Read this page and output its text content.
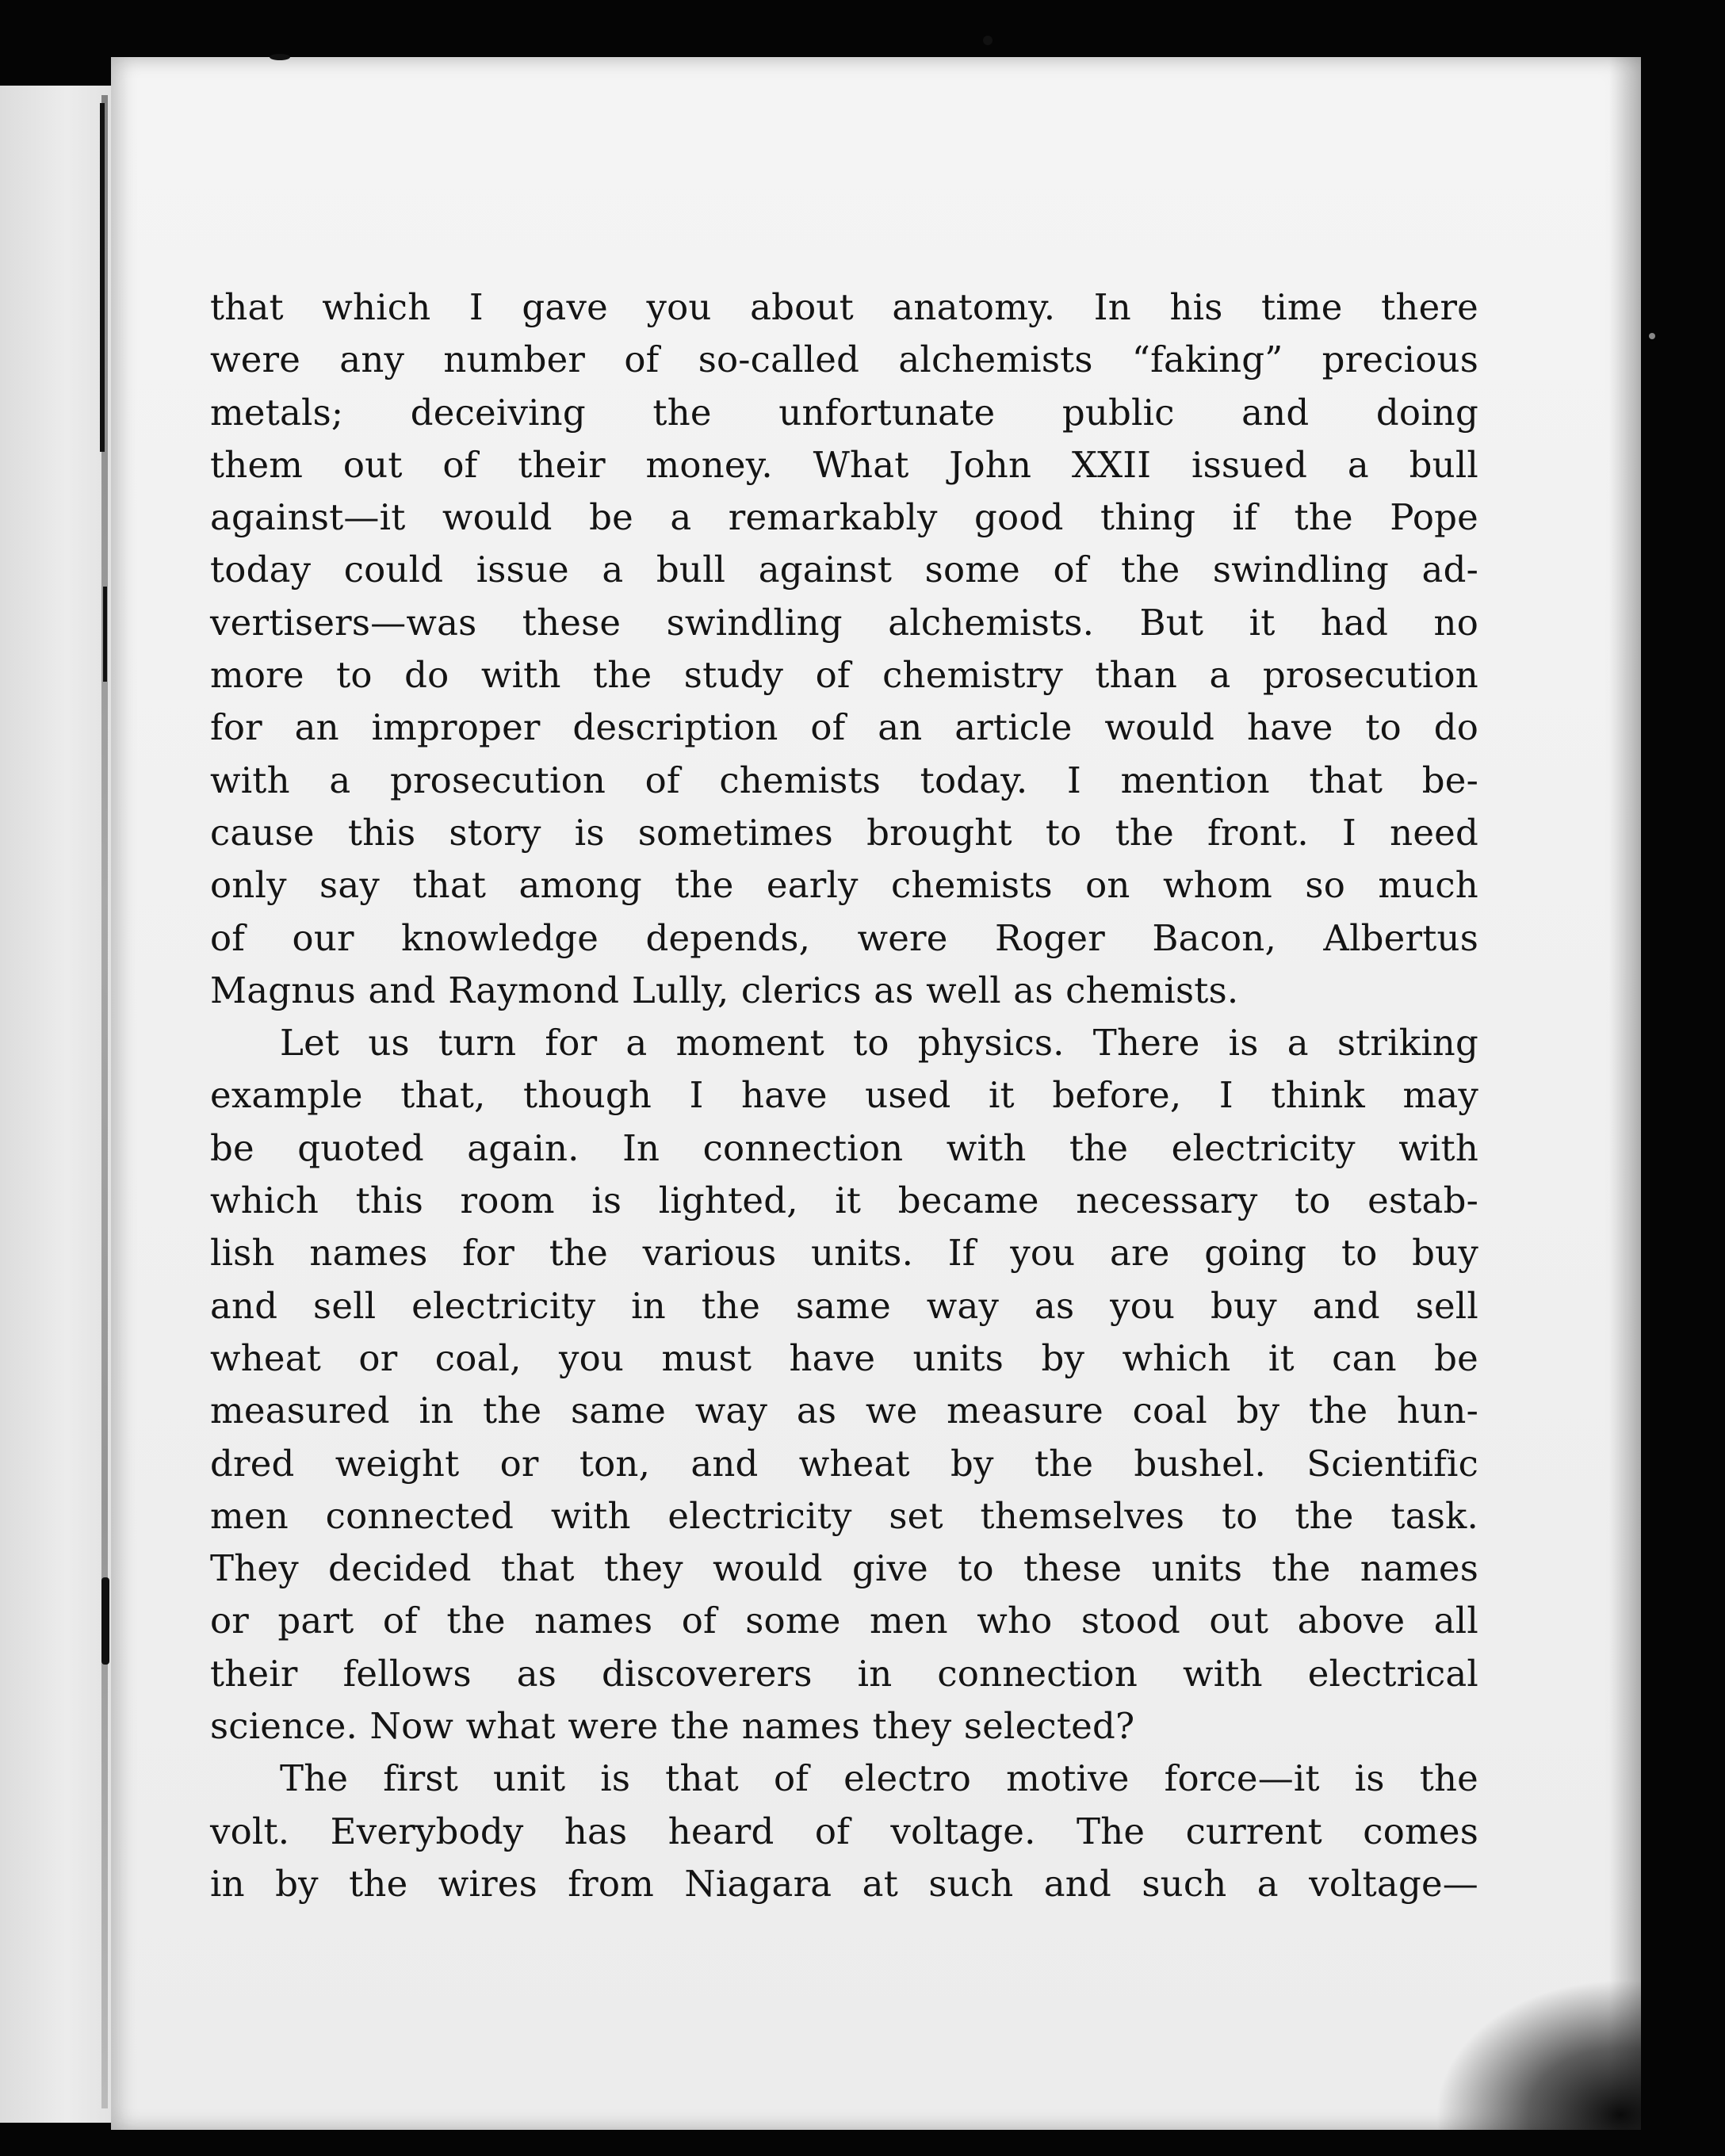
that which I gave you about anatomy. In his time there
were any number of so-called alchemists “faking” precious
metals; deceiving the unfortunate public and doing
them out of their money. What John XXII issued a bull
against—it would be a remarkably good thing if the Pope
today could issue a bull against some of the swindling ad-
vertisers—was these swindling alchemists. But it had no
more to do with the study of chemistry than a prosecution
for an improper description of an article would have to do
with a prosecution of chemists today. I mention that be-
cause this story is sometimes brought to the front. I need
only say that among the early chemists on whom so much
of our knowledge depends, were Roger Bacon, Albertus
Magnus and Raymond Lully, clerics as well as chemists.

Let us turn for a moment to physics. There is a striking
example that, though I have used it before, I think may
be quoted again. In connection with the electricity with
which this room is lighted, it became necessary to estab-
lish names for the various units. If you are going to buy
and sell electricity in the same way as you buy and sell
wheat or coal, you must have units by which it can be
measured in the same way as we measure coal by the hun-
dred weight or ton, and wheat by the bushel. Scientific
men connected with electricity set themselves to the task.
They decided that they would give to these units the names
or part of the names of some men who stood out above all
their fellows as discoverers in connection with electrical
science. Now what were the names they selected?

The first unit is that of electro motive force—it is the
volt. Everybody has heard of voltage. The current comes
in by the wires from Niagara at such and such a voltage—
